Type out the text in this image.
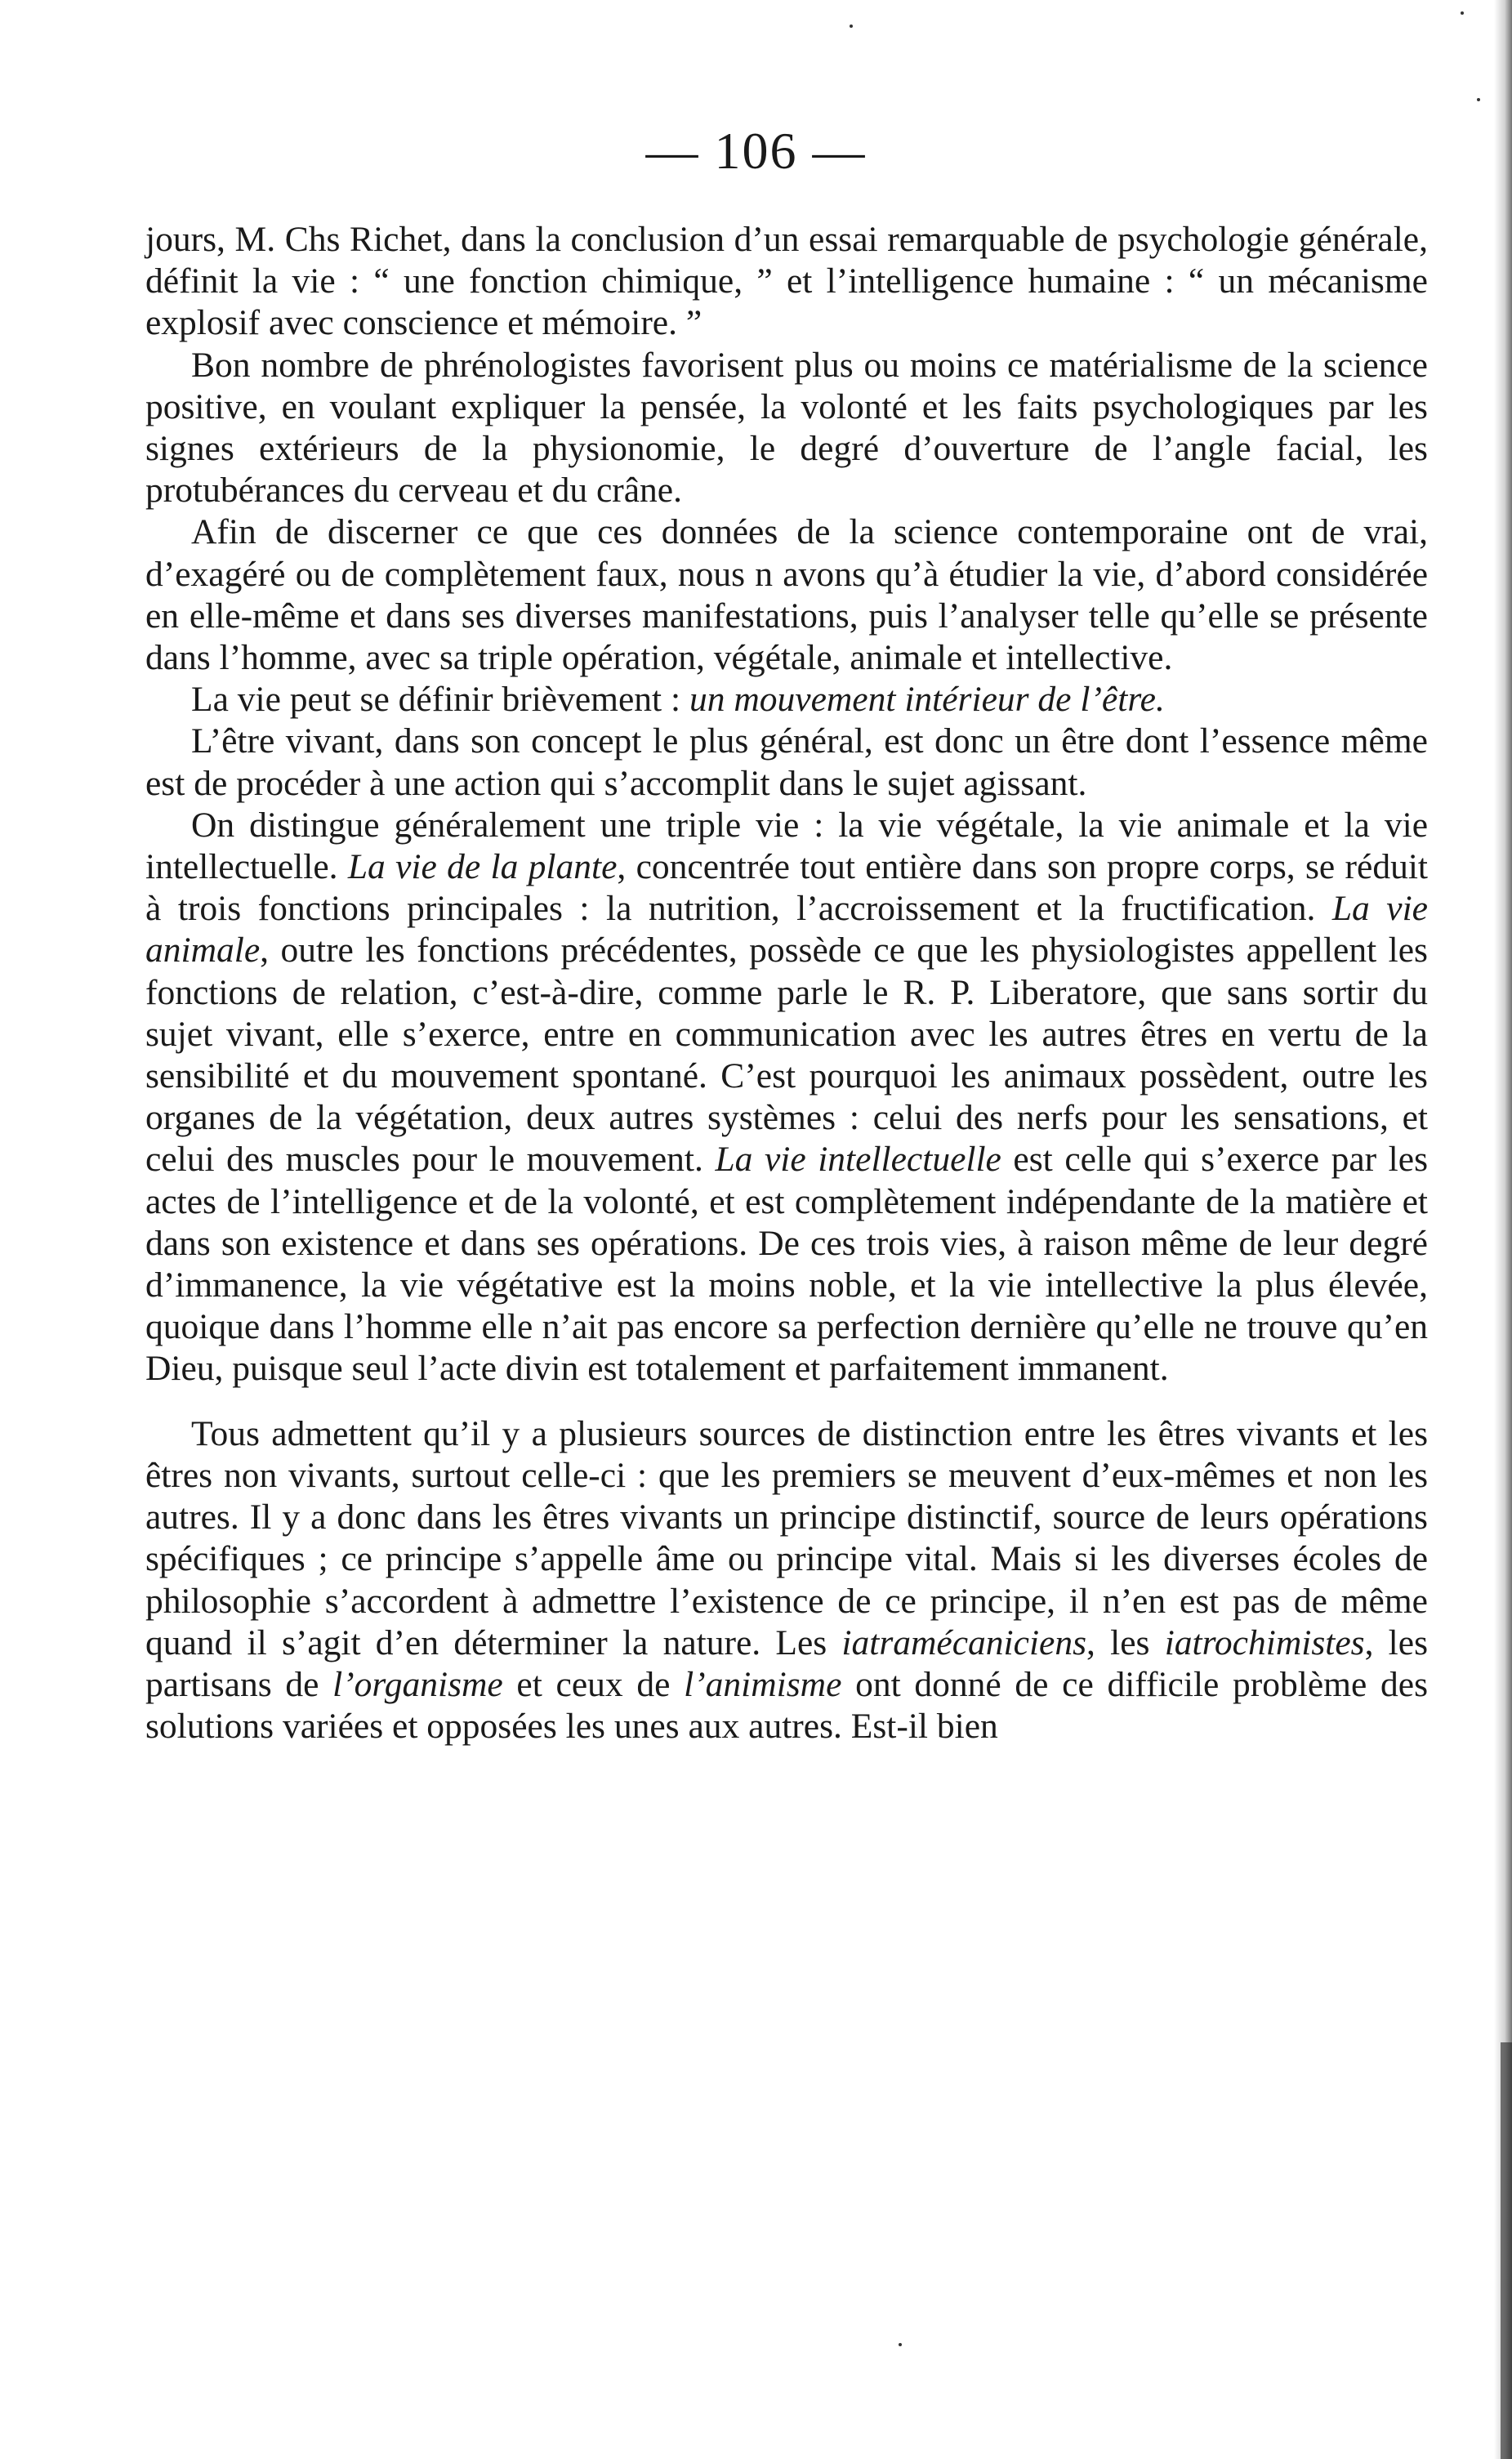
— 106 —

jours, M. Chs Richet, dans la conclusion d’un essai remarquable de psychologie générale, définit la vie : “ une fonction chimique, ” et l’intelligence humaine : “ un mécanisme explosif avec conscience et mémoire. ”

Bon nombre de phrénologistes favorisent plus ou moins ce matérialisme de la science positive, en voulant expliquer la pensée, la volonté et les faits psychologiques par les signes extérieurs de la physionomie, le degré d’ouverture de l’angle facial, les protubérances du cerveau et du crâne.

Afin de discerner ce que ces données de la science contemporaine ont de vrai, d’exagéré ou de complètement faux, nous n avons qu’à étudier la vie, d’abord considérée en elle-même et dans ses diverses manifestations, puis l’analyser telle qu’elle se présente dans l’homme, avec sa triple opération, végétale, animale et intellective.

La vie peut se définir brièvement : un mouvement intérieur de l’être.

L’être vivant, dans son concept le plus général, est donc un être dont l’essence même est de procéder à une action qui s’accomplit dans le sujet agissant.

On distingue généralement une triple vie : la vie végétale, la vie animale et la vie intellectuelle. La vie de la plante, concentrée tout entière dans son propre corps, se réduit à trois fonctions principales : la nutrition, l’accroissement et la fructification. La vie animale, outre les fonctions précédentes, possède ce que les physiologistes appellent les fonctions de relation, c’est-à-dire, comme parle le R. P. Liberatore, que sans sortir du sujet vivant, elle s’exerce, entre en communication avec les autres êtres en vertu de la sensibilité et du mouvement spontané. C’est pourquoi les animaux possèdent, outre les organes de la végétation, deux autres systèmes : celui des nerfs pour les sensations, et celui des muscles pour le mouvement. La vie intellectuelle est celle qui s’exerce par les actes de l’intelligence et de la volonté, et est complètement indépendante de la matière et dans son existence et dans ses opérations. De ces trois vies, à raison même de leur degré d’immanence, la vie végétative est la moins noble, et la vie intellective la plus élevée, quoique dans l’homme elle n’ait pas encore sa perfection dernière qu’elle ne trouve qu’en Dieu, puisque seul l’acte divin est totalement et parfaitement immanent.

Tous admettent qu’il y a plusieurs sources de distinction entre les êtres vivants et les êtres non vivants, surtout celle-ci : que les premiers se meuvent d’eux-mêmes et non les autres. Il y a donc dans les êtres vivants un principe distinctif, source de leurs opérations spécifiques ; ce principe s’appelle âme ou principe vital. Mais si les diverses écoles de philosophie s’accordent à admettre l’existence de ce principe, il n’en est pas de même quand il s’agit d’en déterminer la nature. Les iatramécaniciens, les iatrochimistes, les partisans de l’organisme et ceux de l’animisme ont donné de ce difficile problème des solutions variées et opposées les unes aux autres. Est-il bien
